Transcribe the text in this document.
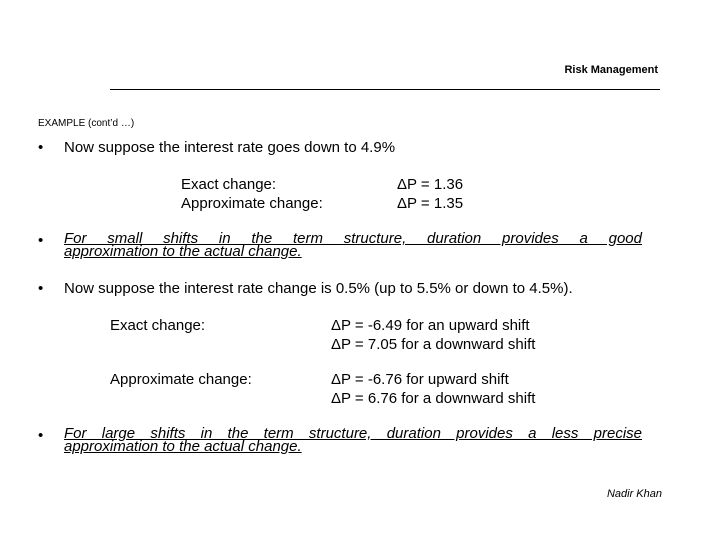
Risk Management
EXAMPLE (cont’d …)
• Now suppose the interest rate goes down to 4.9%
Exact change:
Approximate change:
ΔP = 1.36
ΔP = 1.35
• For small shifts in the term structure, duration provides a good
approximation to the actual change.
• Now suppose the interest rate change is 0.5% (up to 5.5% or down to 4.5%).
Exact change:	ΔP = -6.49 for an upward shift
ΔP = 7.05 for a downward shift
Approximate change:	ΔP = -6.76 for upward shift
ΔP = 6.76 for a downward shift
• For large shifts in the term structure, duration provides a less precise
approximation to the actual change.
Nadir Khan
